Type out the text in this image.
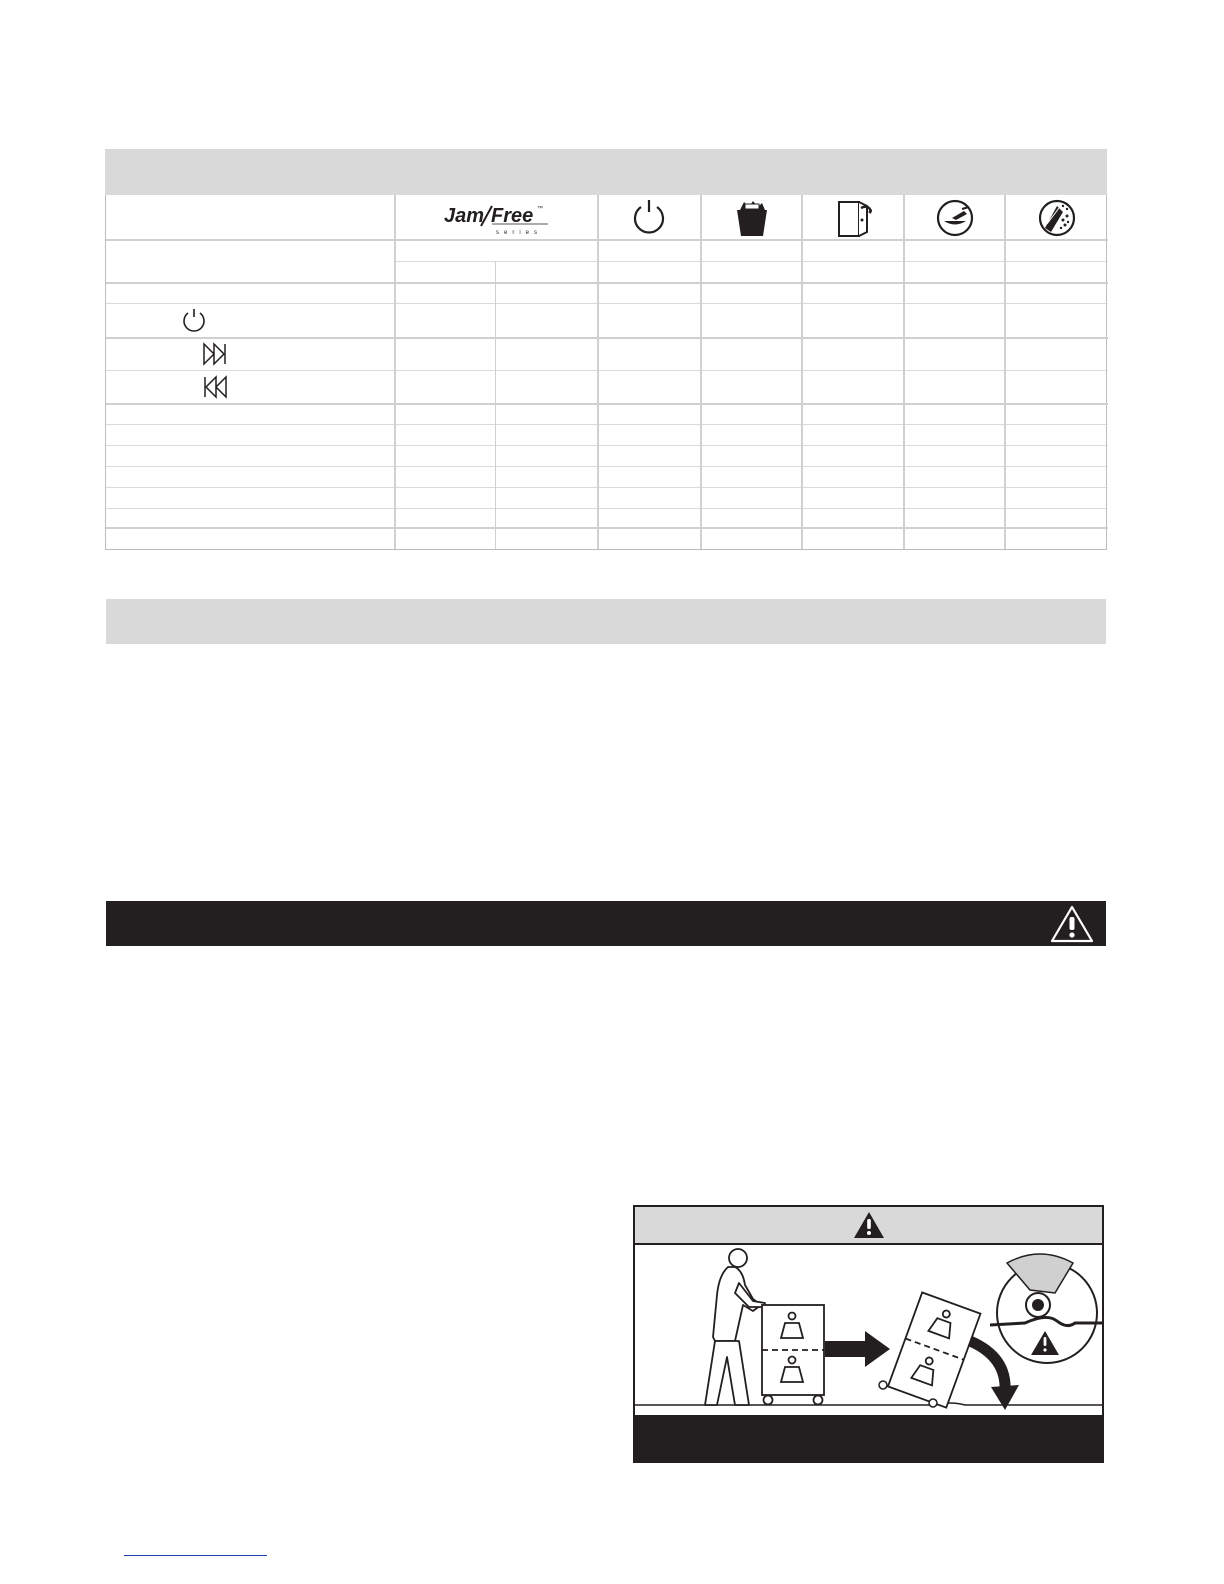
Jam Free ™
series
